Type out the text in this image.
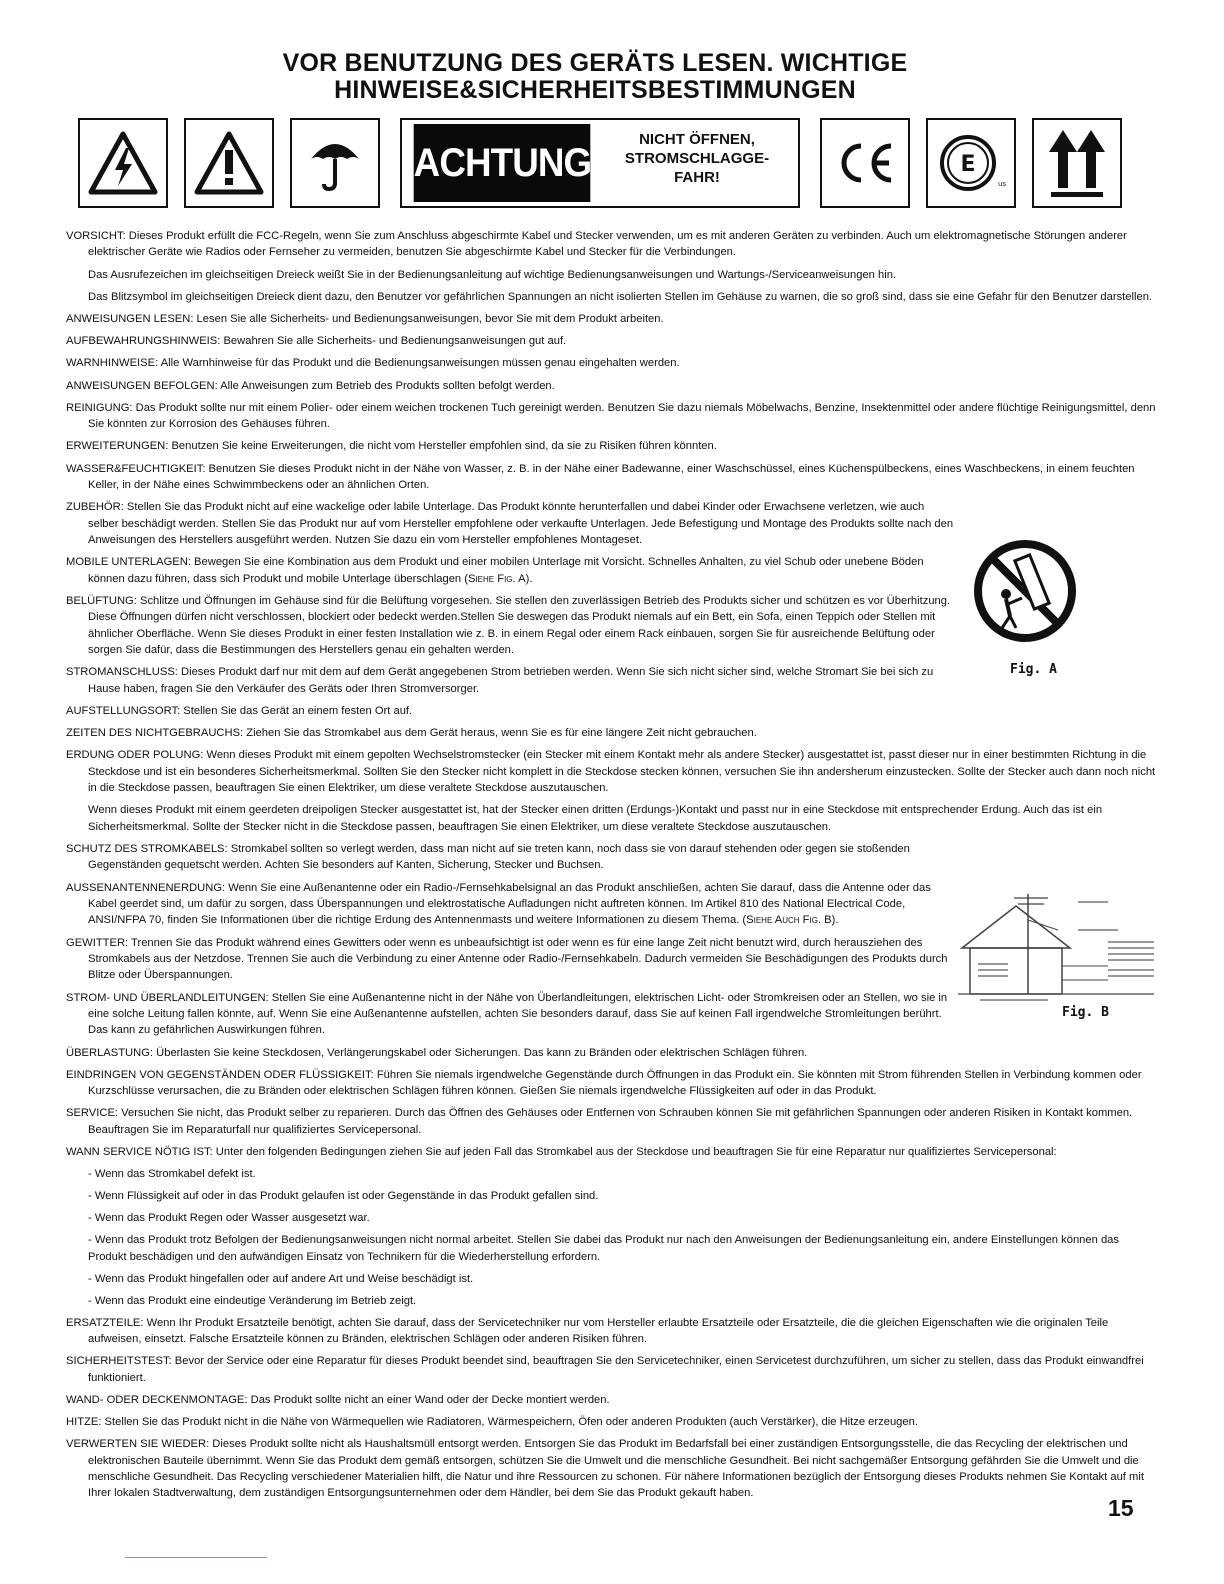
VOR BENUTZUNG DES GERÄTS LESEN. WICHTIGE
HINWEISE&SICHERHEITSBESTIMMUNGEN
ACHTUNG
NICHT ÖFFNEN,
STROMSCHLAGGE-
FAHR!
E
us

VORSICHT: Dieses Produkt erfüllt die FCC-Regeln, wenn Sie zum Anschluss abgeschirmte Kabel und Stecker verwenden, um es mit anderen Geräten zu verbinden. Auch um elektromagnetische Störungen anderer elektrischer Geräte wie Radios oder Fernseher zu vermeiden, benutzen Sie abgeschirmte Kabel und Stecker für die Verbindungen.

Das Ausrufezeichen im gleichseitigen Dreieck weißt Sie in der Bedienungsanleitung auf wichtige Bedienungsanweisungen und Wartungs-/Serviceanweisungen hin.

Das Blitzsymbol im gleichseitigen Dreieck dient dazu, den Benutzer vor gefährlichen Spannungen an nicht isolierten Stellen im Gehäuse zu warnen, die so groß sind, dass sie eine Gefahr für den Benutzer darstellen.

ANWEISUNGEN LESEN: Lesen Sie alle Sicherheits- und Bedienungsanweisungen, bevor Sie mit dem Produkt arbeiten.

AUFBEWAHRUNGSHINWEIS: Bewahren Sie alle Sicherheits- und Bedienungsanweisungen gut auf.

WARNHINWEISE: Alle Warnhinweise für das Produkt und die Bedienungsanweisungen müssen genau eingehalten werden.

ANWEISUNGEN BEFOLGEN: Alle Anweisungen zum Betrieb des Produkts sollten befolgt werden.

REINIGUNG: Das Produkt sollte nur mit einem Polier- oder einem weichen trockenen Tuch gereinigt werden. Benutzen Sie dazu niemals Möbelwachs, Benzine, Insektenmittel oder andere flüchtige Reinigungsmittel, denn Sie könnten zur Korrosion des Gehäuses führen.

ERWEITERUNGEN: Benutzen Sie keine Erweiterungen, die nicht vom Hersteller empfohlen sind, da sie zu Risiken führen könnten.

WASSER&FEUCHTIGKEIT: Benutzen Sie dieses Produkt nicht in der Nähe von Wasser, z. B. in der Nähe einer Badewanne, einer Waschschüssel, eines Küchenspülbeckens, eines Waschbeckens, in einem feuchten Keller, in der Nähe eines Schwimmbeckens oder an ähnlichen Orten.

ZUBEHÖR: Stellen Sie das Produkt nicht auf eine wackelige oder labile Unterlage. Das Produkt könnte herunterfallen und dabei Kinder oder Erwachsene verletzen, wie auch selber beschädigt werden. Stellen Sie das Produkt nur auf vom Hersteller empfohlene oder verkaufte Unterlagen. Jede Befestigung und Montage des Produkts sollte nach den Anweisungen des Herstellers ausgeführt werden. Nutzen Sie dazu ein vom Hersteller empfohlenes Montageset.

MOBILE UNTERLAGEN: Bewegen Sie eine Kombination aus dem Produkt und einer mobilen Unterlage mit Vorsicht. Schnelles Anhalten, zu viel Schub oder unebene Böden können dazu führen, dass sich Produkt und mobile Unterlage überschlagen (Siehe Fig. A).

BELÜFTUNG: Schlitze und Öffnungen im Gehäuse sind für die Belüftung vorgesehen. Sie stellen den zuverlässigen Betrieb des Produkts sicher und schützen es vor Überhitzung. Diese Öffnungen dürfen nicht verschlossen, blockiert oder bedeckt werden.Stellen Sie deswegen das Produkt niemals auf ein Bett, ein Sofa, einen Teppich oder Stellen mit ähnlicher Oberfläche. Wenn Sie dieses Produkt in einer festen Installation wie z. B. in einem Regal oder einem Rack einbauen, sorgen Sie für ausreichende Belüftung oder sorgen Sie dafür, dass die Bestimmungen des Herstellers genau ein gehalten werden.

STROMANSCHLUSS: Dieses Produkt darf nur mit dem auf dem Gerät angegebenen Strom betrieben werden. Wenn Sie sich nicht sicher sind, welche Stromart Sie bei sich zu Hause haben, fragen Sie den Verkäufer des Geräts oder Ihren Stromversorger.

AUFSTELLUNGSORT: Stellen Sie das Gerät an einem festen Ort auf.

ZEITEN DES NICHTGEBRAUCHS: Ziehen Sie das Stromkabel aus dem Gerät heraus, wenn Sie es für eine längere Zeit nicht gebrauchen.

ERDUNG ODER POLUNG: Wenn dieses Produkt mit einem gepolten Wechselstromstecker (ein Stecker mit einem Kontakt mehr als andere Stecker) ausgestattet ist, passt dieser nur in einer bestimmten Richtung in die Steckdose und ist ein besonderes Sicherheitsmerkmal. Sollten Sie den Stecker nicht komplett in die Steckdose stecken können, versuchen Sie ihn andersherum einzustecken. Sollte der Stecker auch dann noch nicht in die Steckdose passen, beauftragen Sie einen Elektriker, um diese veraltete Steckdose auszutauschen.

Wenn dieses Produkt mit einem geerdeten dreipoligen Stecker ausgestattet ist, hat der Stecker einen dritten (Erdungs-)Kontakt und passt nur in eine Steckdose mit entsprechender Erdung. Auch das ist ein Sicherheitsmerkmal. Sollte der Stecker nicht in die Steckdose passen, beauftragen Sie einen Elektriker, um diese veraltete Steckdose auszutauschen.

SCHUTZ DES STROMKABELS: Stromkabel sollten so verlegt werden, dass man nicht auf sie treten kann, noch dass sie von darauf stehenden oder gegen sie stoßenden Gegenständen gequetscht werden. Achten Sie besonders auf Kanten, Sicherung, Stecker und Buchsen.

AUSSENANTENNENERDUNG: Wenn Sie eine Außenantenne oder ein Radio-/Fernsehkabelsignal an das Produkt anschließen, achten Sie darauf, dass die Antenne oder das Kabel geerdet sind, um dafür zu sorgen, dass Überspannungen und elektrostatische Aufladungen nicht auftreten können. Im Artikel 810 des National Electrical Code, ANSI/NFPA 70, finden Sie Informationen über die richtige Erdung des Antennenmasts und weitere Informationen zu diesem Thema. (Siehe Auch Fig. B).

GEWITTER: Trennen Sie das Produkt während eines Gewitters oder wenn es unbeaufsichtigt ist oder wenn es für eine lange Zeit nicht benutzt wird, durch herausziehen des Stromkabels aus der Netzdose. Trennen Sie auch die Verbindung zu einer Antenne oder Radio-/Fernsehkabeln. Dadurch vermeiden Sie Beschädigungen des Produkts durch Blitze oder Überspannungen.

STROM- UND ÜBERLANDLEITUNGEN: Stellen Sie eine Außenantenne nicht in der Nähe von Überlandleitungen, elektrischen Licht- oder Stromkreisen oder an Stellen, wo sie in eine solche Leitung fallen könnte, auf. Wenn Sie eine Außenantenne aufstellen, achten Sie besonders darauf, dass Sie auf keinen Fall irgendwelche Stromleitungen berührt. Das kann zu gefährlichen Auswirkungen führen.

ÜBERLASTUNG: Überlasten Sie keine Steckdosen, Verlängerungskabel oder Sicherungen. Das kann zu Bränden oder elektrischen Schlägen führen.

EINDRINGEN VON GEGENSTÄNDEN ODER FLÜSSIGKEIT: Führen Sie niemals irgendwelche Gegenstände durch Öffnungen in das Produkt ein. Sie könnten mit Strom führenden Stellen in Verbindung kommen oder Kurzschlüsse verursachen, die zu Bränden oder elektrischen Schlägen führen können. Gießen Sie niemals irgendwelche Flüssigkeiten auf oder in das Produkt.

SERVICE: Versuchen Sie nicht, das Produkt selber zu reparieren. Durch das Öffnen des Gehäuses oder Entfernen von Schrauben können Sie mit gefährlichen Spannungen oder anderen Risiken in Kontakt kommen. Beauftragen Sie im Reparaturfall nur qualifiziertes Servicepersonal.

WANN SERVICE NÖTIG IST: Unter den folgenden Bedingungen ziehen Sie auf jeden Fall das Stromkabel aus der Steckdose und beauftragen Sie für eine Reparatur nur qualifiziertes Servicepersonal:

- Wenn das Stromkabel defekt ist.

- Wenn Flüssigkeit auf oder in das Produkt gelaufen ist oder Gegenstände in das Produkt gefallen sind.

- Wenn das Produkt Regen oder Wasser ausgesetzt war.

- Wenn das Produkt trotz Befolgen der Bedienungsanweisungen nicht normal arbeitet. Stellen Sie dabei das Produkt nur nach den Anweisungen der Bedienungsanleitung ein, andere Einstellungen können das Produkt beschädigen und den aufwändigen Einsatz von Technikern für die Wiederherstellung erfordern.

- Wenn das Produkt hingefallen oder auf andere Art und Weise beschädigt ist.

- Wenn das Produkt eine eindeutige Veränderung im Betrieb zeigt.

ERSATZTEILE: Wenn Ihr Produkt Ersatzteile benötigt, achten Sie darauf, dass der Servicetechniker nur vom Hersteller erlaubte Ersatzteile oder Ersatzteile, die die gleichen Eigenschaften wie die originalen Teile aufweisen, einsetzt. Falsche Ersatzteile können zu Bränden, elektrischen Schlägen oder anderen Risiken führen.

SICHERHEITSTEST: Bevor der Service oder eine Reparatur für dieses Produkt beendet sind, beauftragen Sie den Servicetechniker, einen Servicetest durchzuführen, um sicher zu stellen, dass das Produkt einwandfrei funktioniert.

WAND- ODER DECKENMONTAGE: Das Produkt sollte nicht an einer Wand oder der Decke montiert werden.

HITZE: Stellen Sie das Produkt nicht in die Nähe von Wärmequellen wie Radiatoren, Wärmespeichern, Öfen oder anderen Produkten (auch Verstärker), die Hitze erzeugen.

VERWERTEN SIE WIEDER: Dieses Produkt sollte nicht als Haushaltsmüll entsorgt werden. Entsorgen Sie das Produkt im Bedarfsfall bei einer zuständigen Entsorgungsstelle, die das Recycling der elektrischen und elektronischen Bauteile übernimmt. Wenn Sie das Produkt dem gemäß entsorgen, schützen Sie die Umwelt und die menschliche Gesundheit. Bei nicht sachgemäßer Entsorgung gefährden Sie die Umwelt und die menschliche Gesundheit. Das Recycling verschiedener Materialien hilft, die Natur und ihre Ressourcen zu schonen. Für nähere Informationen bezüglich der Entsorgung dieses Produkts nehmen Sie Kontakt auf mit Ihrer lokalen Stadtverwaltung, dem zuständigen Entsorgungsunternehmen oder dem Händler, bei dem Sie das Produkt gekauft haben.

Fig. A
Fig. B
15
